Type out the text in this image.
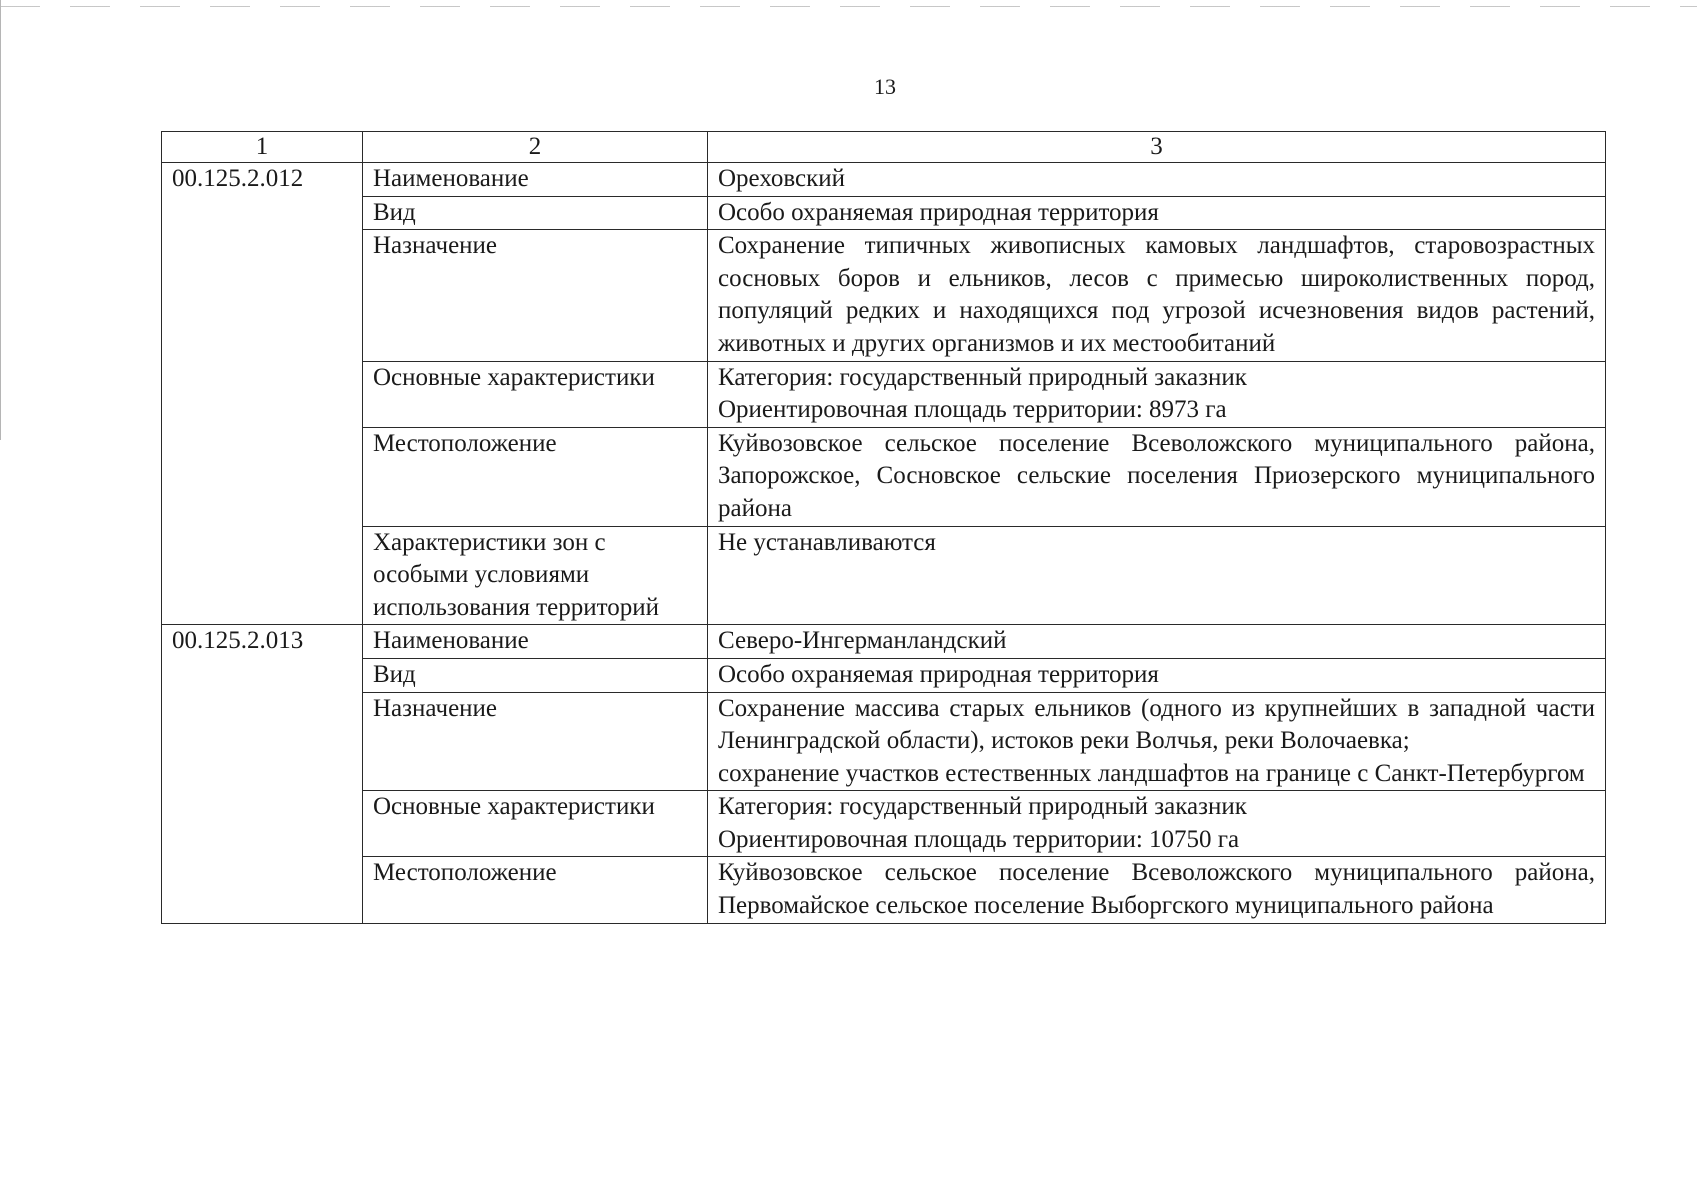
13
1	2	3
00.125.2.012	Наименование	Ореховский

	Вид	Особо охраняемая природная территория

	Назначение	Сохранение типичных живописных камовых ландшафтов, старовозрастных сосновых боров и ельников, лесов с примесью широколиственных пород, популяций редких и находящихся под угрозой исчезновения видов растений, животных и других организмов и их местообитаний

	Основные характеристики	Категория: государственный природный заказник
Ориентировочная площадь территории: 8973 га

	Местоположение	Куйвозовское сельское поселение Всеволожского муниципального района, Запорожское, Сосновское сельские поселения Приозерского муниципального района

	Характеристики зон с особыми условиями использования территорий	Не устанавливаются

00.125.2.013	Наименование	Северо-Ингерманландский

	Вид	Особо охраняемая природная территория

	Назначение	Сохранение массива старых ельников (одного из крупнейших в западной части Ленинградской области), истоков реки Волчья, реки Волочаевка;
сохранение участков естественных ландшафтов на границе с Санкт-Петербургом

	Основные характеристики	Категория: государственный природный заказник
Ориентировочная площадь территории: 10750 га

	Местоположение	Куйвозовское сельское поселение Всеволожского муниципального района, Первомайское сельское поселение Выборгского муниципального района
